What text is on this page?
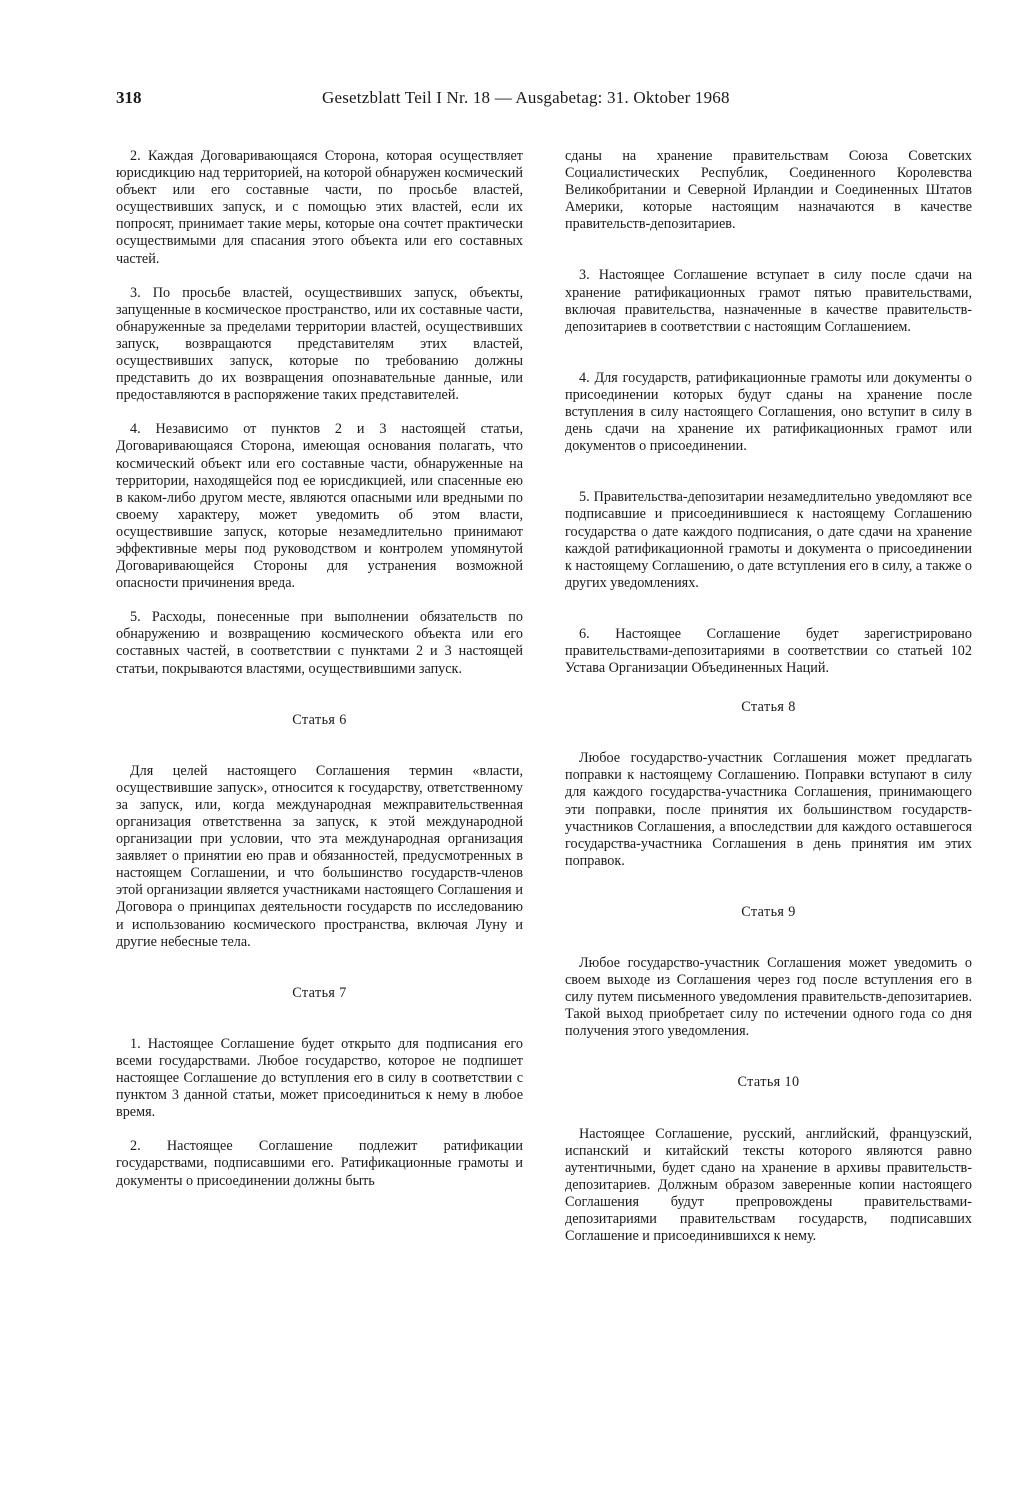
318	Gesetzblatt Teil I Nr. 18 — Ausgabetag: 31. Oktober 1968

2. Каждая Договаривающаяся Сторона, которая осуществляет юрисдикцию над территорией, на которой обнаружен космический объект или его составные части, по просьбе властей, осуществивших запуск, и с помощью этих властей, если их попросят, принимает такие меры, которые она сочтет практически осуществимыми для спасания этого объекта или его составных частей.

3. По просьбе властей, осуществивших запуск, объекты, запущенные в космическое пространство, или их составные части, обнаруженные за пределами территории властей, осуществивших запуск, возвращаются представителям этих властей, осуществивших запуск, которые по требованию должны представить до их возвращения опознавательные данные, или предоставляются в распоряжение таких представителей.

4. Независимо от пунктов 2 и 3 настоящей статьи, Договаривающаяся Сторона, имеющая основания полагать, что космический объект или его составные части, обнаруженные на территории, находящейся под ее юрисдикцией, или спасенные ею в каком-либо другом месте, являются опасными или вредными по своему характеру, может уведомить об этом власти, осуществившие запуск, которые незамедлительно принимают эффективные меры под руководством и контролем упомянутой Договаривающейся Стороны для устранения возможной опасности причинения вреда.

5. Расходы, понесенные при выполнении обязательств по обнаружению и возвращению космического объекта или его составных частей, в соответствии с пунктами 2 и 3 настоящей статьи, покрываются властями, осуществившими запуск.

Статья 6

Для целей настоящего Соглашения термин «власти, осуществившие запуск», относится к государству, ответственному за запуск, или, когда международная межправительственная организация ответственна за запуск, к этой международной организации при условии, что эта международная организация заявляет о принятии ею прав и обязанностей, предусмотренных в настоящем Соглашении, и что большинство государств-членов этой организации является участниками настоящего Соглашения и Договора о принципах деятельности государств по исследованию и использованию космического пространства, включая Луну и другие небесные тела.

Статья 7

1. Настоящее Соглашение будет открыто для подписания его всеми государствами. Любое государство, которое не подпишет настоящее Соглашение до вступления его в силу в соответствии с пунктом 3 данной статьи, может присоединиться к нему в любое время.

2. Настоящее Соглашение подлежит ратификации государствами, подписавшими его. Ратификационные грамоты и документы о присоединении должны быть

сданы на хранение правительствам Союза Советских Социалистических Республик, Соединенного Королевства Великобритании и Северной Ирландии и Соединенных Штатов Америки, которые настоящим назначаются в качестве правительств-депозитариев.

3. Настоящее Соглашение вступает в силу после сдачи на хранение ратификационных грамот пятью правительствами, включая правительства, назначенные в качестве правительств-депозитариев в соответствии с настоящим Соглашением.

4. Для государств, ратификационные грамоты или документы о присоединении которых будут сданы на хранение после вступления в силу настоящего Соглашения, оно вступит в силу в день сдачи на хранение их ратификационных грамот или документов о присоединении.

5. Правительства-депозитарии незамедлительно уведомляют все подписавшие и присоединившиеся к настоящему Соглашению государства о дате каждого подписания, о дате сдачи на хранение каждой ратификационной грамоты и документа о присоединении к настоящему Соглашению, о дате вступления его в силу, а также о других уведомлениях.

6. Настоящее Соглашение будет зарегистрировано правительствами-депозитариями в соответствии со статьей 102 Устава Организации Объединенных Наций.

Статья 8

Любое государство-участник Соглашения может предлагать поправки к настоящему Соглашению. Поправки вступают в силу для каждого государства-участника Соглашения, принимающего эти поправки, после принятия их большинством государств-участников Соглашения, а впоследствии для каждого оставшегося государства-участника Соглашения в день принятия им этих поправок.

Статья 9

Любое государство-участник Соглашения может уведомить о своем выходе из Соглашения через год после вступления его в силу путем письменного уведомления правительств-депозитариев. Такой выход приобретает силу по истечении одного года со дня получения этого уведомления.

Статья 10

Настоящее Соглашение, русский, английский, французский, испанский и китайский тексты которого являются равно аутентичными, будет сдано на хранение в архивы правительств-депозитариев. Должным образом заверенные копии настоящего Соглашения будут препровождены правительствами-депозитариями правительствам государств, подписавших Соглашение и присоединившихся к нему.
